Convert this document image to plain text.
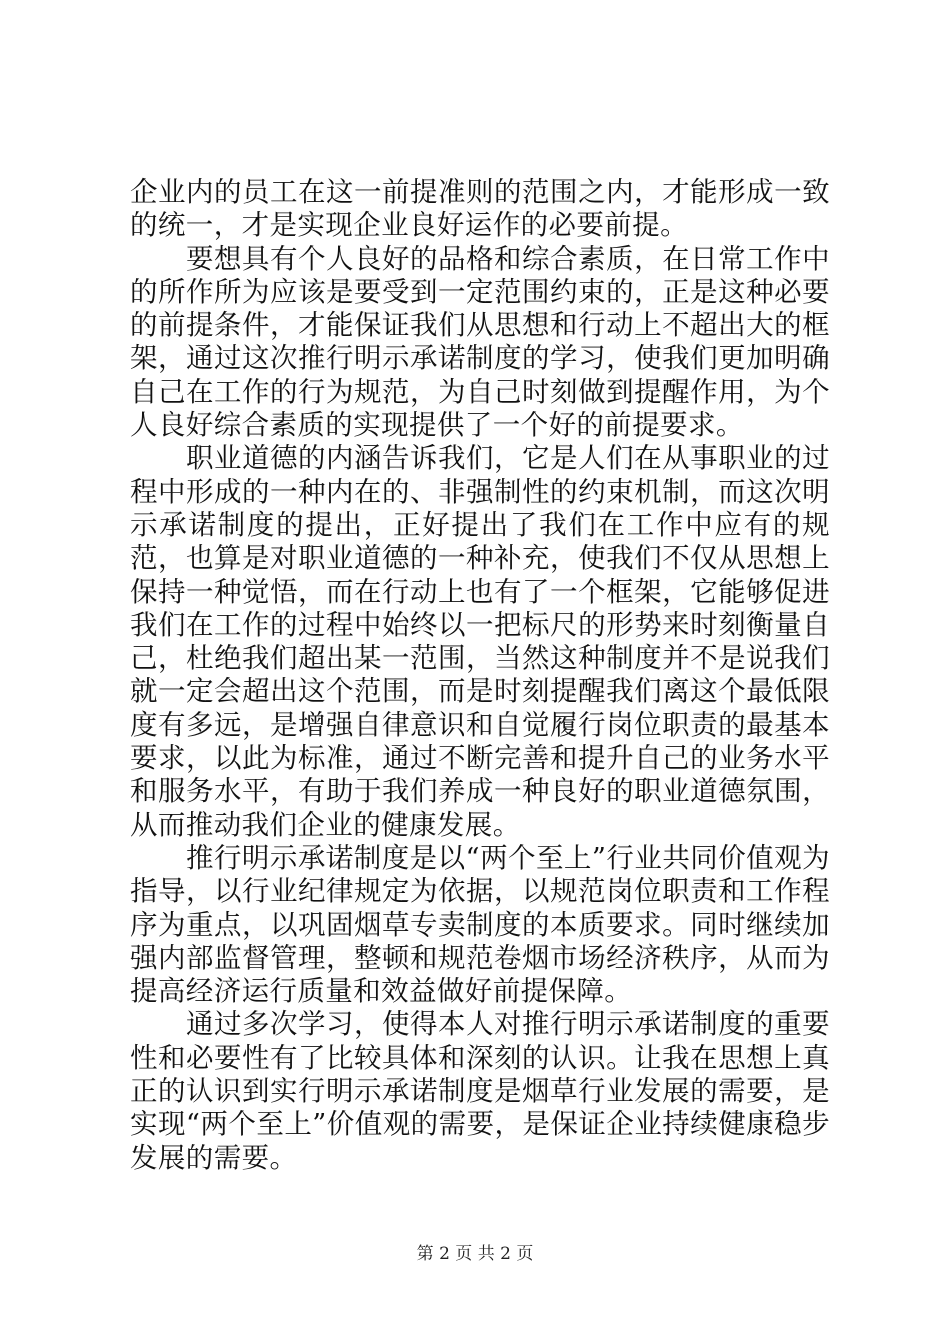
企业内的员工在这一前提准则的范围之内，才能形成一致的统一，才是实现企业良好运作的必要前提。

要想具有个人良好的品格和综合素质，在日常工作中的所作所为应该是要受到一定范围约束的，正是这种必要的前提条件，才能保证我们从思想和行动上不超出大的框架，通过这次推行明示承诺制度的学习，使我们更加明确自己在工作的行为规范，为自己时刻做到提醒作用，为个人良好综合素质的实现提供了一个好的前提要求。

职业道德的内涵告诉我们，它是人们在从事职业的过程中形成的一种内在的、非强制性的约束机制，而这次明示承诺制度的提出，正好提出了我们在工作中应有的规范，也算是对职业道德的一种补充，使我们不仅从思想上保持一种觉悟，而在行动上也有了一个框架，它能够促进我们在工作的过程中始终以一把标尺的形势来时刻衡量自己，杜绝我们超出某一范围，当然这种制度并不是说我们就一定会超出这个范围，而是时刻提醒我们离这个最低限度有多远，是增强自律意识和自觉履行岗位职责的最基本要求，以此为标准，通过不断完善和提升自己的业务水平和服务水平，有助于我们养成一种良好的职业道德氛围，从而推动我们企业的健康发展。

推行明示承诺制度是以“两个至上”行业共同价值观为指导，以行业纪律规定为依据，以规范岗位职责和工作程序为重点，以巩固烟草专卖制度的本质要求。同时继续加强内部监督管理，整顿和规范卷烟市场经济秩序，从而为提高经济运行质量和效益做好前提保障。

通过多次学习，使得本人对推行明示承诺制度的重要性和必要性有了比较具体和深刻的认识。让我在思想上真正的认识到实行明示承诺制度是烟草行业发展的需要，是实现“两个至上”价值观的需要，是保证企业持续健康稳步发展的需要。

第 2 页 共 2 页
